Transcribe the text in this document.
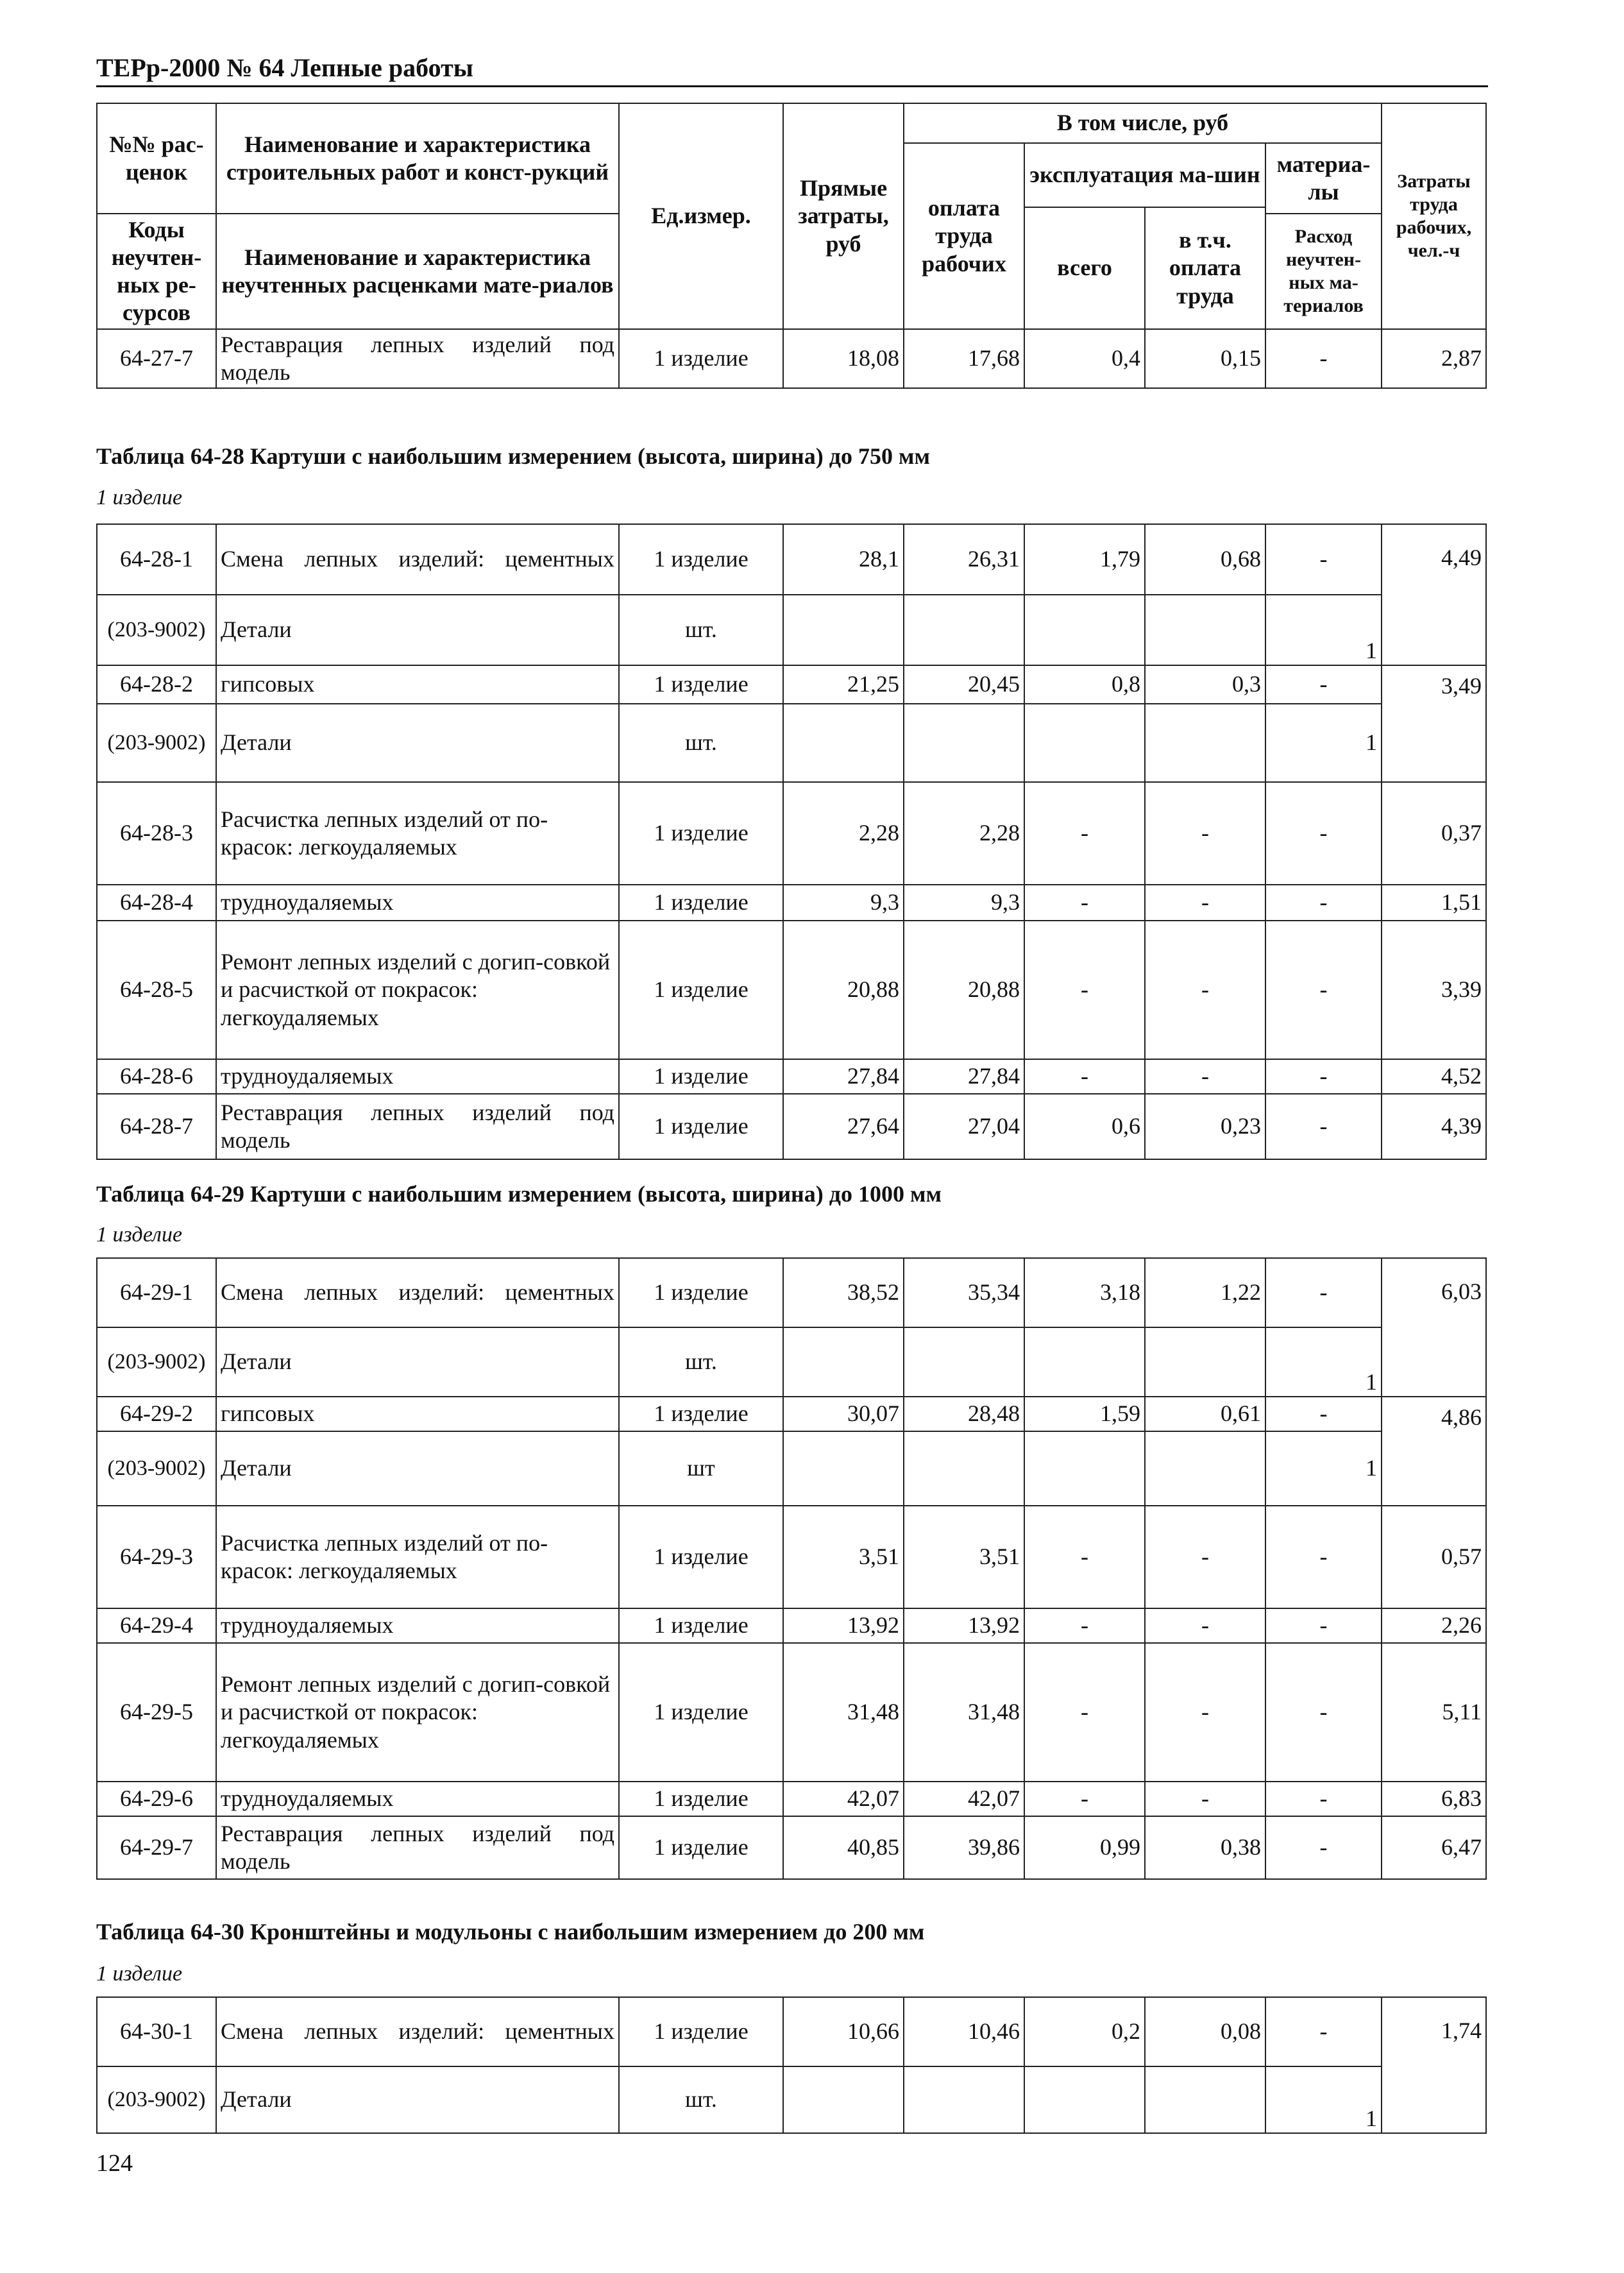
ТЕРр-2000 № 64 Лепные работы
№№ рас-ценок	Наименование и характеристика строительных работ и конст-рукций	Ед.измер.	Прямые затраты, руб	В том числе, руб				Затраты труда рабочих, чел.-ч
				оплата труда рабочих	эксплуатация ма-шин		материа-лы	
					всего	в т.ч. оплата труда		
Коды неучтен-ных ре-сурсов	Наименование и характеристика неучтенных расценками мате-риалов						Расход неучтен-ных ма-териалов	

64-27-7	Реставрация лепных изделий под модель	1 изделие	18,08	17,68	0,4	0,15	-	2,87
Таблица 64-28 Картуши с наибольшим измерением (высота, ширина) до 750 мм
1 изделие
64-28-1	Смена лепных изделий: цементных	1 изделие	28,1	26,31	1,79	0,68	-	4,49
(203-9002)	Детали	шт.					1	
64-28-2	гипсовых	1 изделие	21,25	20,45	0,8	0,3	-	3,49
(203-9002)	Детали	шт.					1	
64-28-3	Расчистка лепных изделий от по-красок: легкоудаляемых	1 изделие	2,28	2,28	-	-	-	0,37
64-28-4	трудноудаляемых	1 изделие	9,3	9,3	-	-	-	1,51
64-28-5	Ремонт лепных изделий с догип-совкой и расчисткой от покрасок: легкоудаляемых	1 изделие	20,88	20,88	-	-	-	3,39
64-28-6	трудноудаляемых	1 изделие	27,84	27,84	-	-	-	4,52
64-28-7	Реставрация лепных изделий под модель	1 изделие	27,64	27,04	0,6	0,23	-	4,39
Таблица 64-29 Картуши с наибольшим измерением (высота, ширина) до 1000 мм
1 изделие
64-29-1	Смена лепных изделий: цементных	1 изделие	38,52	35,34	3,18	1,22	-	6,03
(203-9002)	Детали	шт.					1	
64-29-2	гипсовых	1 изделие	30,07	28,48	1,59	0,61	-	4,86
(203-9002)	Детали	шт					1	
64-29-3	Расчистка лепных изделий от по-красок: легкоудаляемых	1 изделие	3,51	3,51	-	-	-	0,57
64-29-4	трудноудаляемых	1 изделие	13,92	13,92	-	-	-	2,26
64-29-5	Ремонт лепных изделий с догип-совкой и расчисткой от покрасок: легкоудаляемых	1 изделие	31,48	31,48	-	-	-	5,11
64-29-6	трудноудаляемых	1 изделие	42,07	42,07	-	-	-	6,83
64-29-7	Реставрация лепных изделий под модель	1 изделие	40,85	39,86	0,99	0,38	-	6,47
Таблица 64-30 Кронштейны и модульоны с наибольшим измерением до 200 мм
1 изделие
64-30-1	Смена лепных изделий: цементных	1 изделие	10,66	10,46	0,2	0,08	-	1,74
(203-9002)	Детали	шт.					1	
124
